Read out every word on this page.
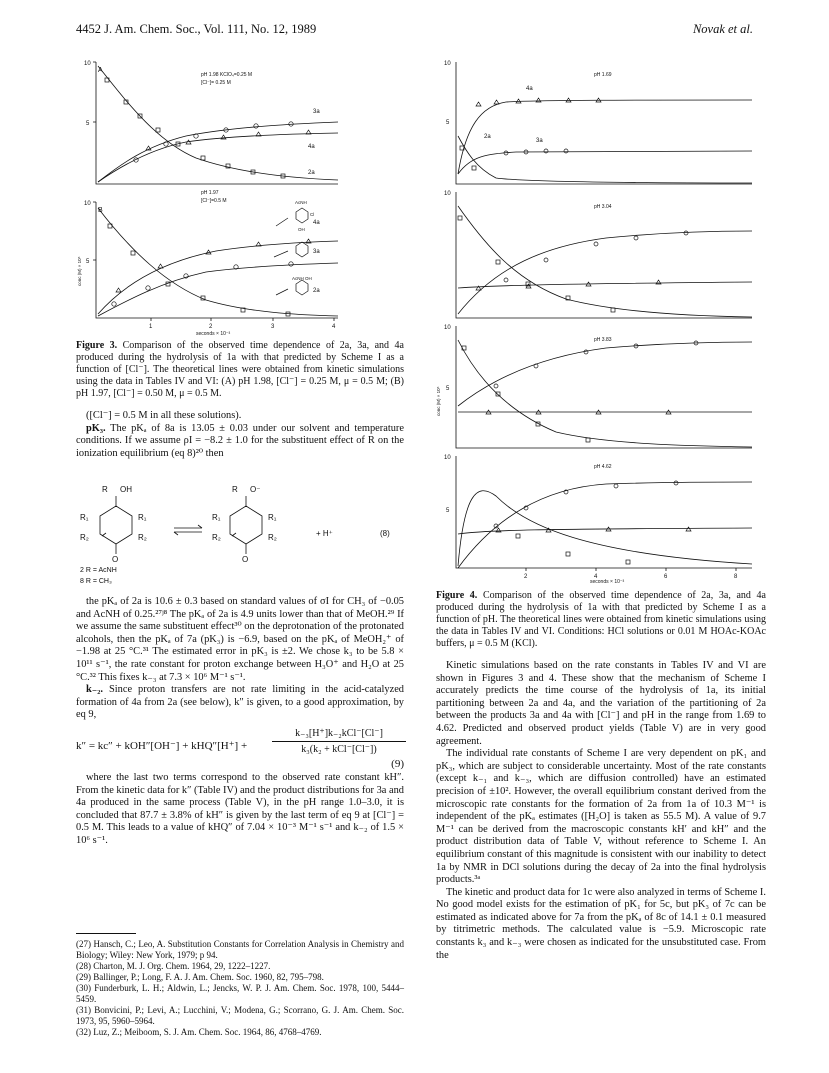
4452 J. Am. Chem. Soc., Vol. 111, No. 12, 1989	Novak et al.
10
5
10
5
A
B
pH 1.98 KClO₄=0.25 M
[Cl⁻]= 0.25 M
3a
4a
2a
pH 1.97
[Cl⁻]=0.5 M	AcNH
OH
Cl
4a
3a
AcNH OH
2a
1	2	3	4
seconds × 10⁻³
conc (M) × 10⁵

Figure 3. Comparison of the observed time dependence of 2a, 3a, and 4a produced during the hydrolysis of 1a with that predicted by Scheme I as a function of [Cl⁻]. The theoretical lines were obtained from kinetic simulations using the data in Tables IV and VI: (A) pH 1.98, [Cl⁻] = 0.25 M, μ = 0.5 M; (B) pH 1.97, [Cl⁻] = 0.50 M, μ = 0.5 M.

([Cl⁻] = 0.5 M in all these solutions).

pK₃. The pKₐ of 8a is 13.05 ± 0.03 under our solvent and temperature conditions. If we assume ρI = −8.2 ± 1.0 for the substituent effect of R on the ionization equilibrium (eq 8)²⁰ then

R OH	R O⁻
R₁	R₁
R₂	R₂
R₁	R₁
R₂	R₂
O	O
+ H⁺	(8)
2 R = AcNH
8 R = CH₃

the pKₐ of 2a is 10.6 ± 0.3 based on standard values of σI for CH₃ of −0.05 and AcNH of 0.25.²⁷ʲ⁸ The pKₐ of 2a is 4.9 units lower than that of MeOH.²⁹ If we assume the same substituent effect³⁰ on the deprotonation of the protonated alcohols, then the pKₐ of 7a (pK₃) is −6.9, based on the pKₐ of MeOH₂⁺ of −1.98 at 25 °C.³¹ The estimated error in pK₃ is ±2. We chose k₃ to be 5.8 × 10¹¹ s⁻¹, the rate constant for proton exchange between H₃O⁺ and H₂O at 25 °C.³² This fixes k₋₃ at 7.3 × 10⁶ M⁻¹ s⁻¹.

k₋₂. Since proton transfers are not rate limiting in the acid-catalyzed formation of 4a from 2a (see below), k″ is given, to a good approximation, by eq 9,

k″ = kc″ + kOH″[OH⁻] + kHQ″[H⁺] +
k₋₃[H⁺]k₋₂kCl⁻[Cl⁻]
k₃(k₂ + kCl⁻[Cl⁻])
(9)

where the last two terms correspond to the observed rate constant kH″. From the kinetic data for k″ (Table IV) and the product distributions for 3a and 4a produced in the same process (Table V), in the pH range 1.0–3.0, it is concluded that 87.7 ± 3.8% of kH″ is given by the last term of eq 9 at [Cl⁻] = 0.5 M. This leads to a value of kHQ″ of 7.04 × 10⁻³ M⁻¹ s⁻¹ and k₋₂ of 1.5 × 10⁶ s⁻¹.

(27) Hansch, C.; Leo, A. Substitution Constants for Correlation Analysis in Chemistry and Biology; Wiley: New York, 1979; p 94.

(28) Charton, M. J. Org. Chem. 1964, 29, 1222–1227.

(29) Ballinger, P.; Long, F. A. J. Am. Chem. Soc. 1960, 82, 795–798.

(30) Funderburk, L. H.; Aldwin, L.; Jencks, W. P. J. Am. Chem. Soc. 1978, 100, 5444–5459.

(31) Bonvicini, P.; Levi, A.; Lucchini, V.; Modena, G.; Scorrano, G. J. Am. Chem. Soc. 1973, 95, 5960–5964.

(32) Luz, Z.; Meiboom, S. J. Am. Chem. Soc. 1964, 86, 4768–4769.

10
5
10
10
5
10
5
pH 1.69
pH 3.04
pH 3.83
pH 4.62
4a
2a
3a
2	4	6	8
conc (M) × 10⁵
seconds × 10⁻³

Figure 4. Comparison of the observed time dependence of 2a, 3a, and 4a produced during the hydrolysis of 1a with that predicted by Scheme I as a function of pH. The theoretical lines were obtained from kinetic simulations using the data in Tables IV and VI. Conditions: HCl solutions or 0.01 M HOAc-KOAc buffers, μ = 0.5 M (KCl).

Kinetic simulations based on the rate constants in Tables IV and VI are shown in Figures 3 and 4. These show that the mechanism of Scheme I accurately predicts the time course of the hydrolysis of 1a, its initial partitioning between 2a and 4a, and the variation of the partitioning of 2a between the products 3a and 4a with [Cl⁻] and pH in the range from 1.69 to 4.62. Predicted and observed product yields (Table V) are in very good agreement.

The individual rate constants of Scheme I are very dependent on pK₁ and pK₃, which are subject to considerable uncertainty. Most of the rate constants (except k₋₁ and k₋₃, which are diffusion controlled) have an estimated precision of ±10². However, the overall equilibrium constant derived from the microscopic rate constants for the formation of 2a from 1a of 10.3 M⁻¹ is independent of the pKₐ estimates ([H₂O] is taken as 55.5 M). A value of 9.7 M⁻¹ can be derived from the macroscopic constants kH′ and kH″ and the product distribution data of Table V, without reference to Scheme I. An equilibrium constant of this magnitude is consistent with our inability to detect 1a by NMR in DCl solutions during the decay of 2a into the final hydrolysis products.³ᵃ

The kinetic and product data for 1c were also analyzed in terms of Scheme I. No good model exists for the estimation of pK₁ for 5c, but pK₃ of 7c can be estimated as indicated above for 7a from the pKₐ of 8c of 14.1 ± 0.1 measured by titrimetric methods. The calculated value is −5.9. Microscopic rate constants k₃ and k₋₃ were chosen as indicated for the unsubstituted case. From the
